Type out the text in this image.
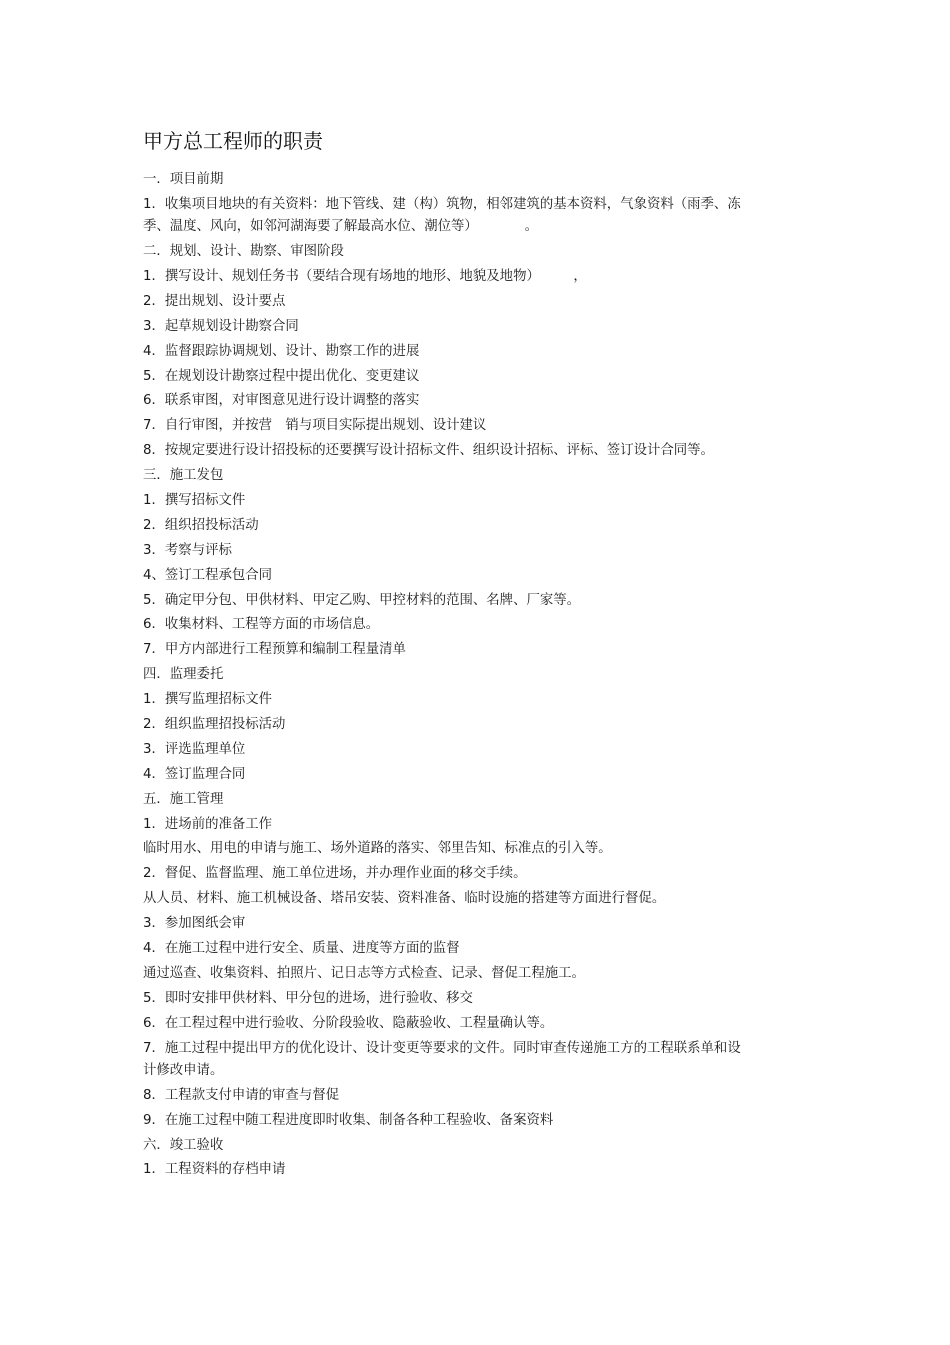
甲方总工程师的职责
一．项目前期
1．收集项目地块的有关资料：地下管线、建（构）筑物，相邻建筑的基本资料，气象资料（雨季、冻季、温度、风向，如邻河湖海要了解最高水位、潮位等）　　　　。
二．规划、设计、勘察、审图阶段
1．撰写设计、规划任务书（要结合现有场地的地形、地貌及地物）　　　，
2．提出规划、设计要点
3．起草规划设计勘察合同
4．监督跟踪协调规划、设计、勘察工作的进展
5．在规划设计勘察过程中提出优化、变更建议
6．联系审图，对审图意见进行设计调整的落实
7．自行审图，并按营　销与项目实际提出规划、设计建议
8．按规定要进行设计招投标的还要撰写设计招标文件、组织设计招标、评标、签订设计合同等。
三．施工发包
1．撰写招标文件
2．组织招投标活动
3．考察与评标
4、签订工程承包合同
5．确定甲分包、甲供材料、甲定乙购、甲控材料的范围、名牌、厂家等。
6．收集材料、工程等方面的市场信息。
7．甲方内部进行工程预算和编制工程量清单
四．监理委托
1．撰写监理招标文件
2．组织监理招投标活动
3．评选监理单位
4．签订监理合同
五．施工管理
1．进场前的准备工作
临时用水、用电的申请与施工、场外道路的落实、邻里告知、标准点的引入等。
2．督促、监督监理、施工单位进场，并办理作业面的移交手续。
从人员、材料、施工机械设备、塔吊安装、资料准备、临时设施的搭建等方面进行督促。
3．参加图纸会审
4．在施工过程中进行安全、质量、进度等方面的监督
通过巡查、收集资料、拍照片、记日志等方式检查、记录、督促工程施工。
5．即时安排甲供材料、甲分包的进场，进行验收、移交
6．在工程过程中进行验收、分阶段验收、隐蔽验收、工程量确认等。
7．施工过程中提出甲方的优化设计、设计变更等要求的文件。同时审查传递施工方的工程联系单和设计修改申请。
8．工程款支付申请的审查与督促
9．在施工过程中随工程进度即时收集、制备各种工程验收、备案资料
六．竣工验收
1．工程资料的存档申请
